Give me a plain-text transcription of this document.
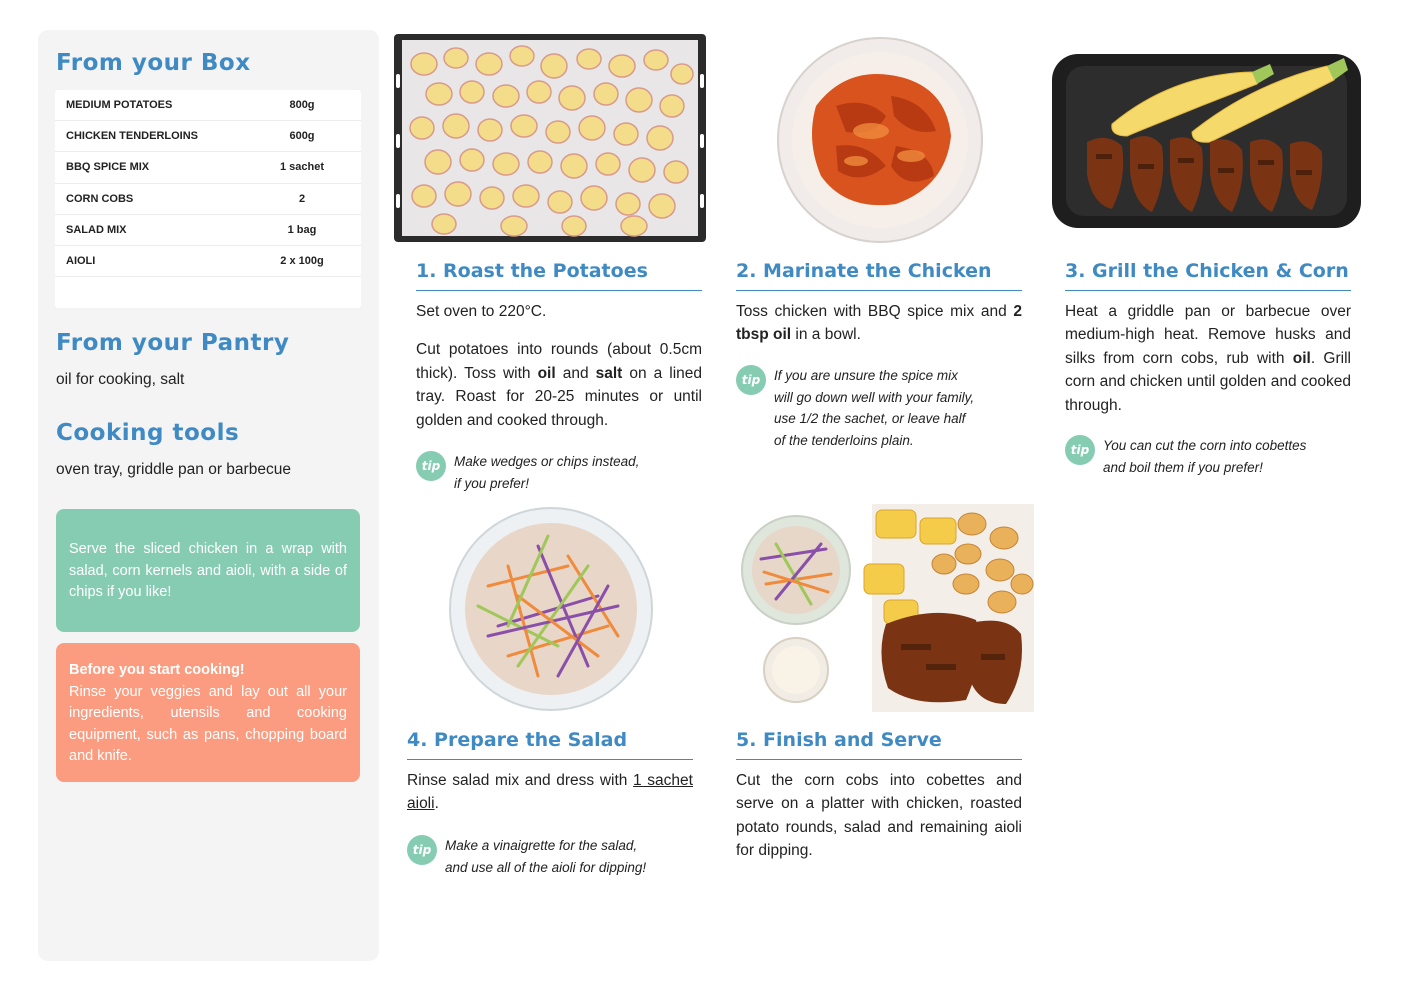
From your Box
MEDIUM POTATOES	800g
CHICKEN TENDERLOINS	600g
BBQ SPICE MIX	1 sachet
CORN COBS	2
SALAD MIX	1 bag
AIOLI	2 x 100g
From your Pantry
oil for cooking, salt
Cooking tools
oven tray, griddle pan or barbecue
Serve the sliced chicken in a wrap with salad, corn kernels and aioli, with a side of chips if you like!
Before you start cooking!
Rinse your veggies and lay out all your ingredients, utensils and cooking equipment, such as pans, chopping board and knife.
1. Roast the Potatoes

Set oven to 220°C.

Cut potatoes into rounds (about 0.5cm thick). Toss with oil and salt on a lined tray. Roast for 20-25 minutes or until golden and cooked through.

tip	Make wedges or chips instead,
if you prefer!
2. Marinate the Chicken

Toss chicken with BBQ spice mix and 2 tbsp oil in a bowl.

tip	If you are unsure the spice mix
will go down well with your family,
use 1/2 the sachet, or leave half
of the tenderloins plain.
3. Grill the Chicken & Corn

Heat a griddle pan or barbecue over medium-high heat. Remove husks and silks from corn cobs, rub with oil. Grill corn and chicken until golden and cooked through.

tip	You can cut the corn into cobettes
and boil them if you prefer!
4. Prepare the Salad

Rinse salad mix and dress with 1 sachet aioli.

tip	Make a vinaigrette for the salad,
and use all of the aioli for dipping!
5. Finish and Serve

Cut the corn cobs into cobettes and serve on a platter with chicken, roasted potato rounds, salad and remaining aioli for dipping.
